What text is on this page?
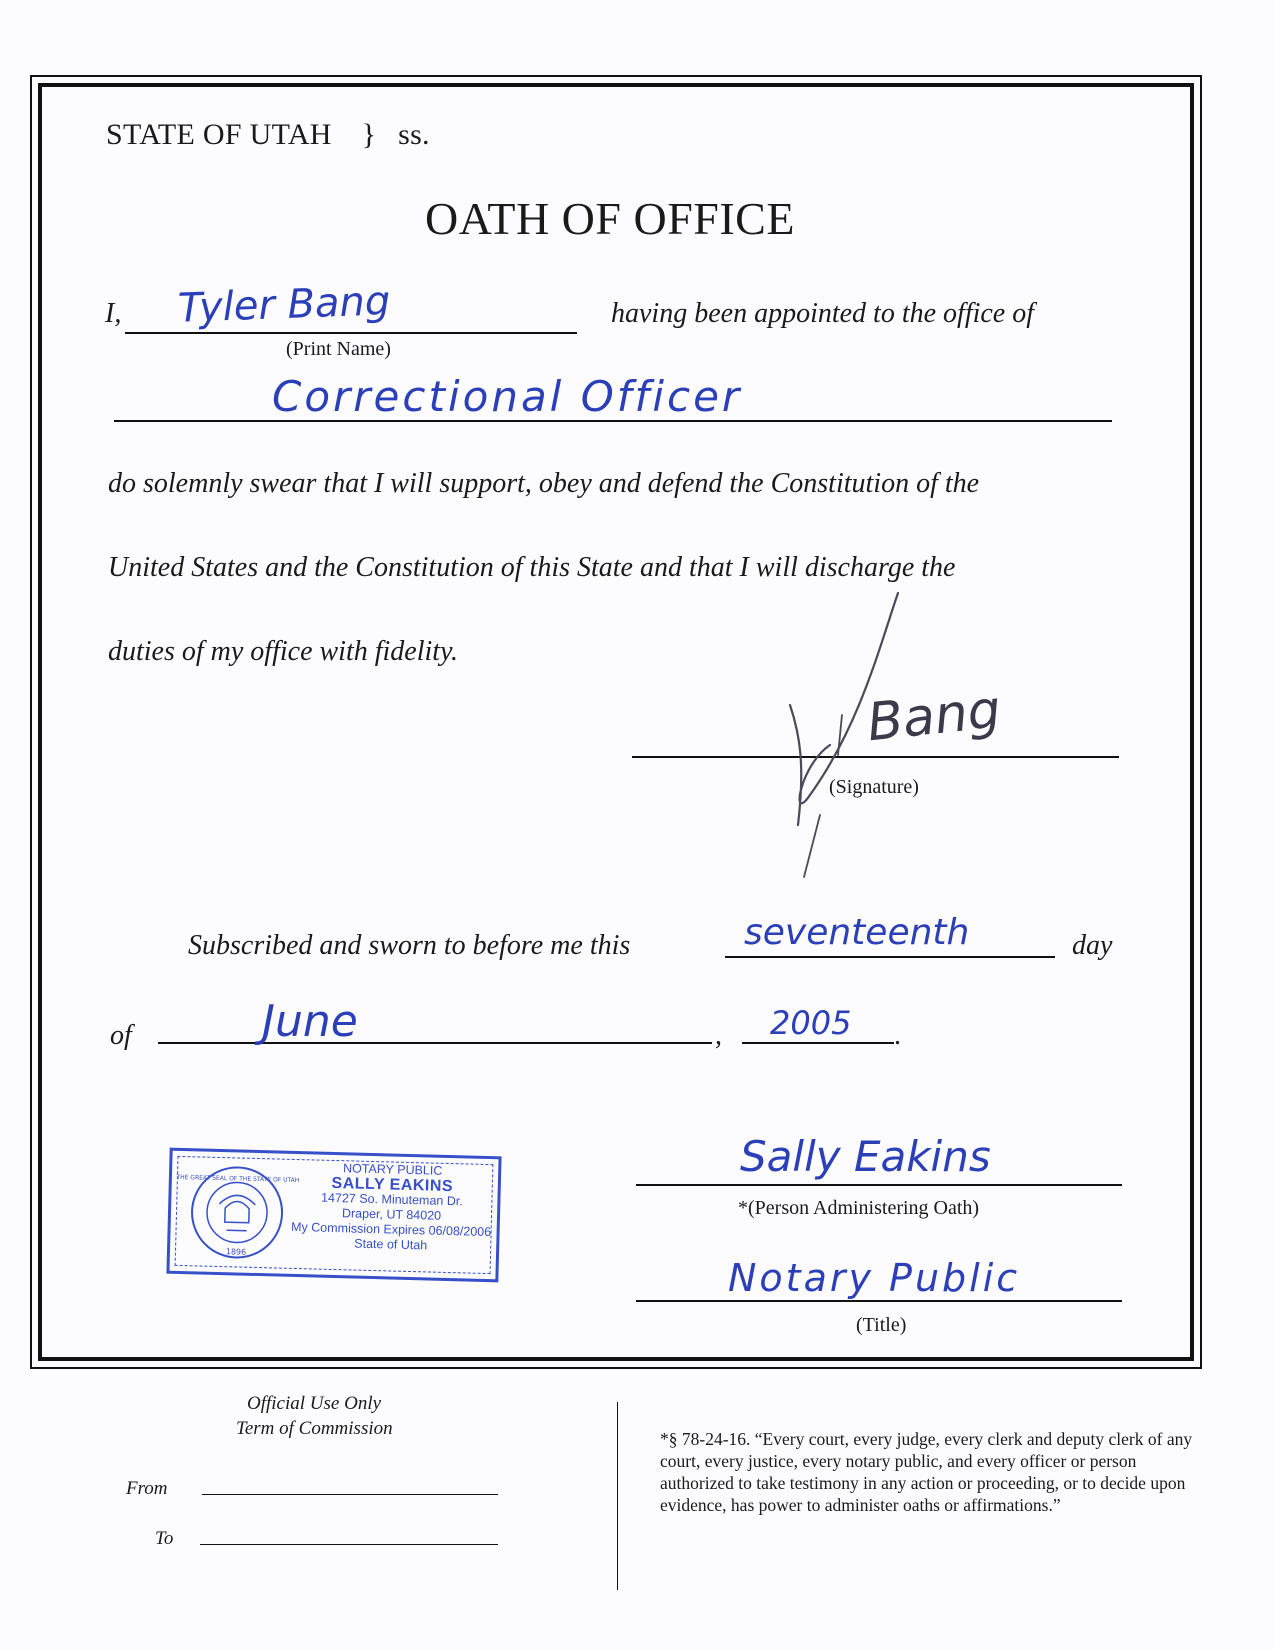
STATE OF UTAH } ss.
OATH OF OFFICE
I, Tyler Bang
(Print Name)
having been appointed to the office of
Correctional Officer
do solemnly swear that I will support, obey and defend the Constitution of the
United States and the Constitution of this State and that I will discharge the
duties of my office with fidelity.
(Signature)
Bang
Subscribed and sworn to before me this	seventeenth	day
of	June	, 2005 .
Sally Eakins
*(Person Administering Oath)
Notary Public
(Title)
THE GREAT SEAL OF THE STATE OF UTAH
1896
NOTARY PUBLIC
SALLY EAKINS
14727 So. Minuteman Dr.
Draper, UT 84020
My Commission Expires 06/08/2006
State of Utah
Official Use Only
Term of Commission
From
To
*§ 78-24-16. “Every court, every judge, every clerk and deputy clerk of any court, every justice, every notary public, and every officer or person authorized to take testimony in any action or proceeding, or to decide upon evidence, has power to administer oaths or affirmations.”
